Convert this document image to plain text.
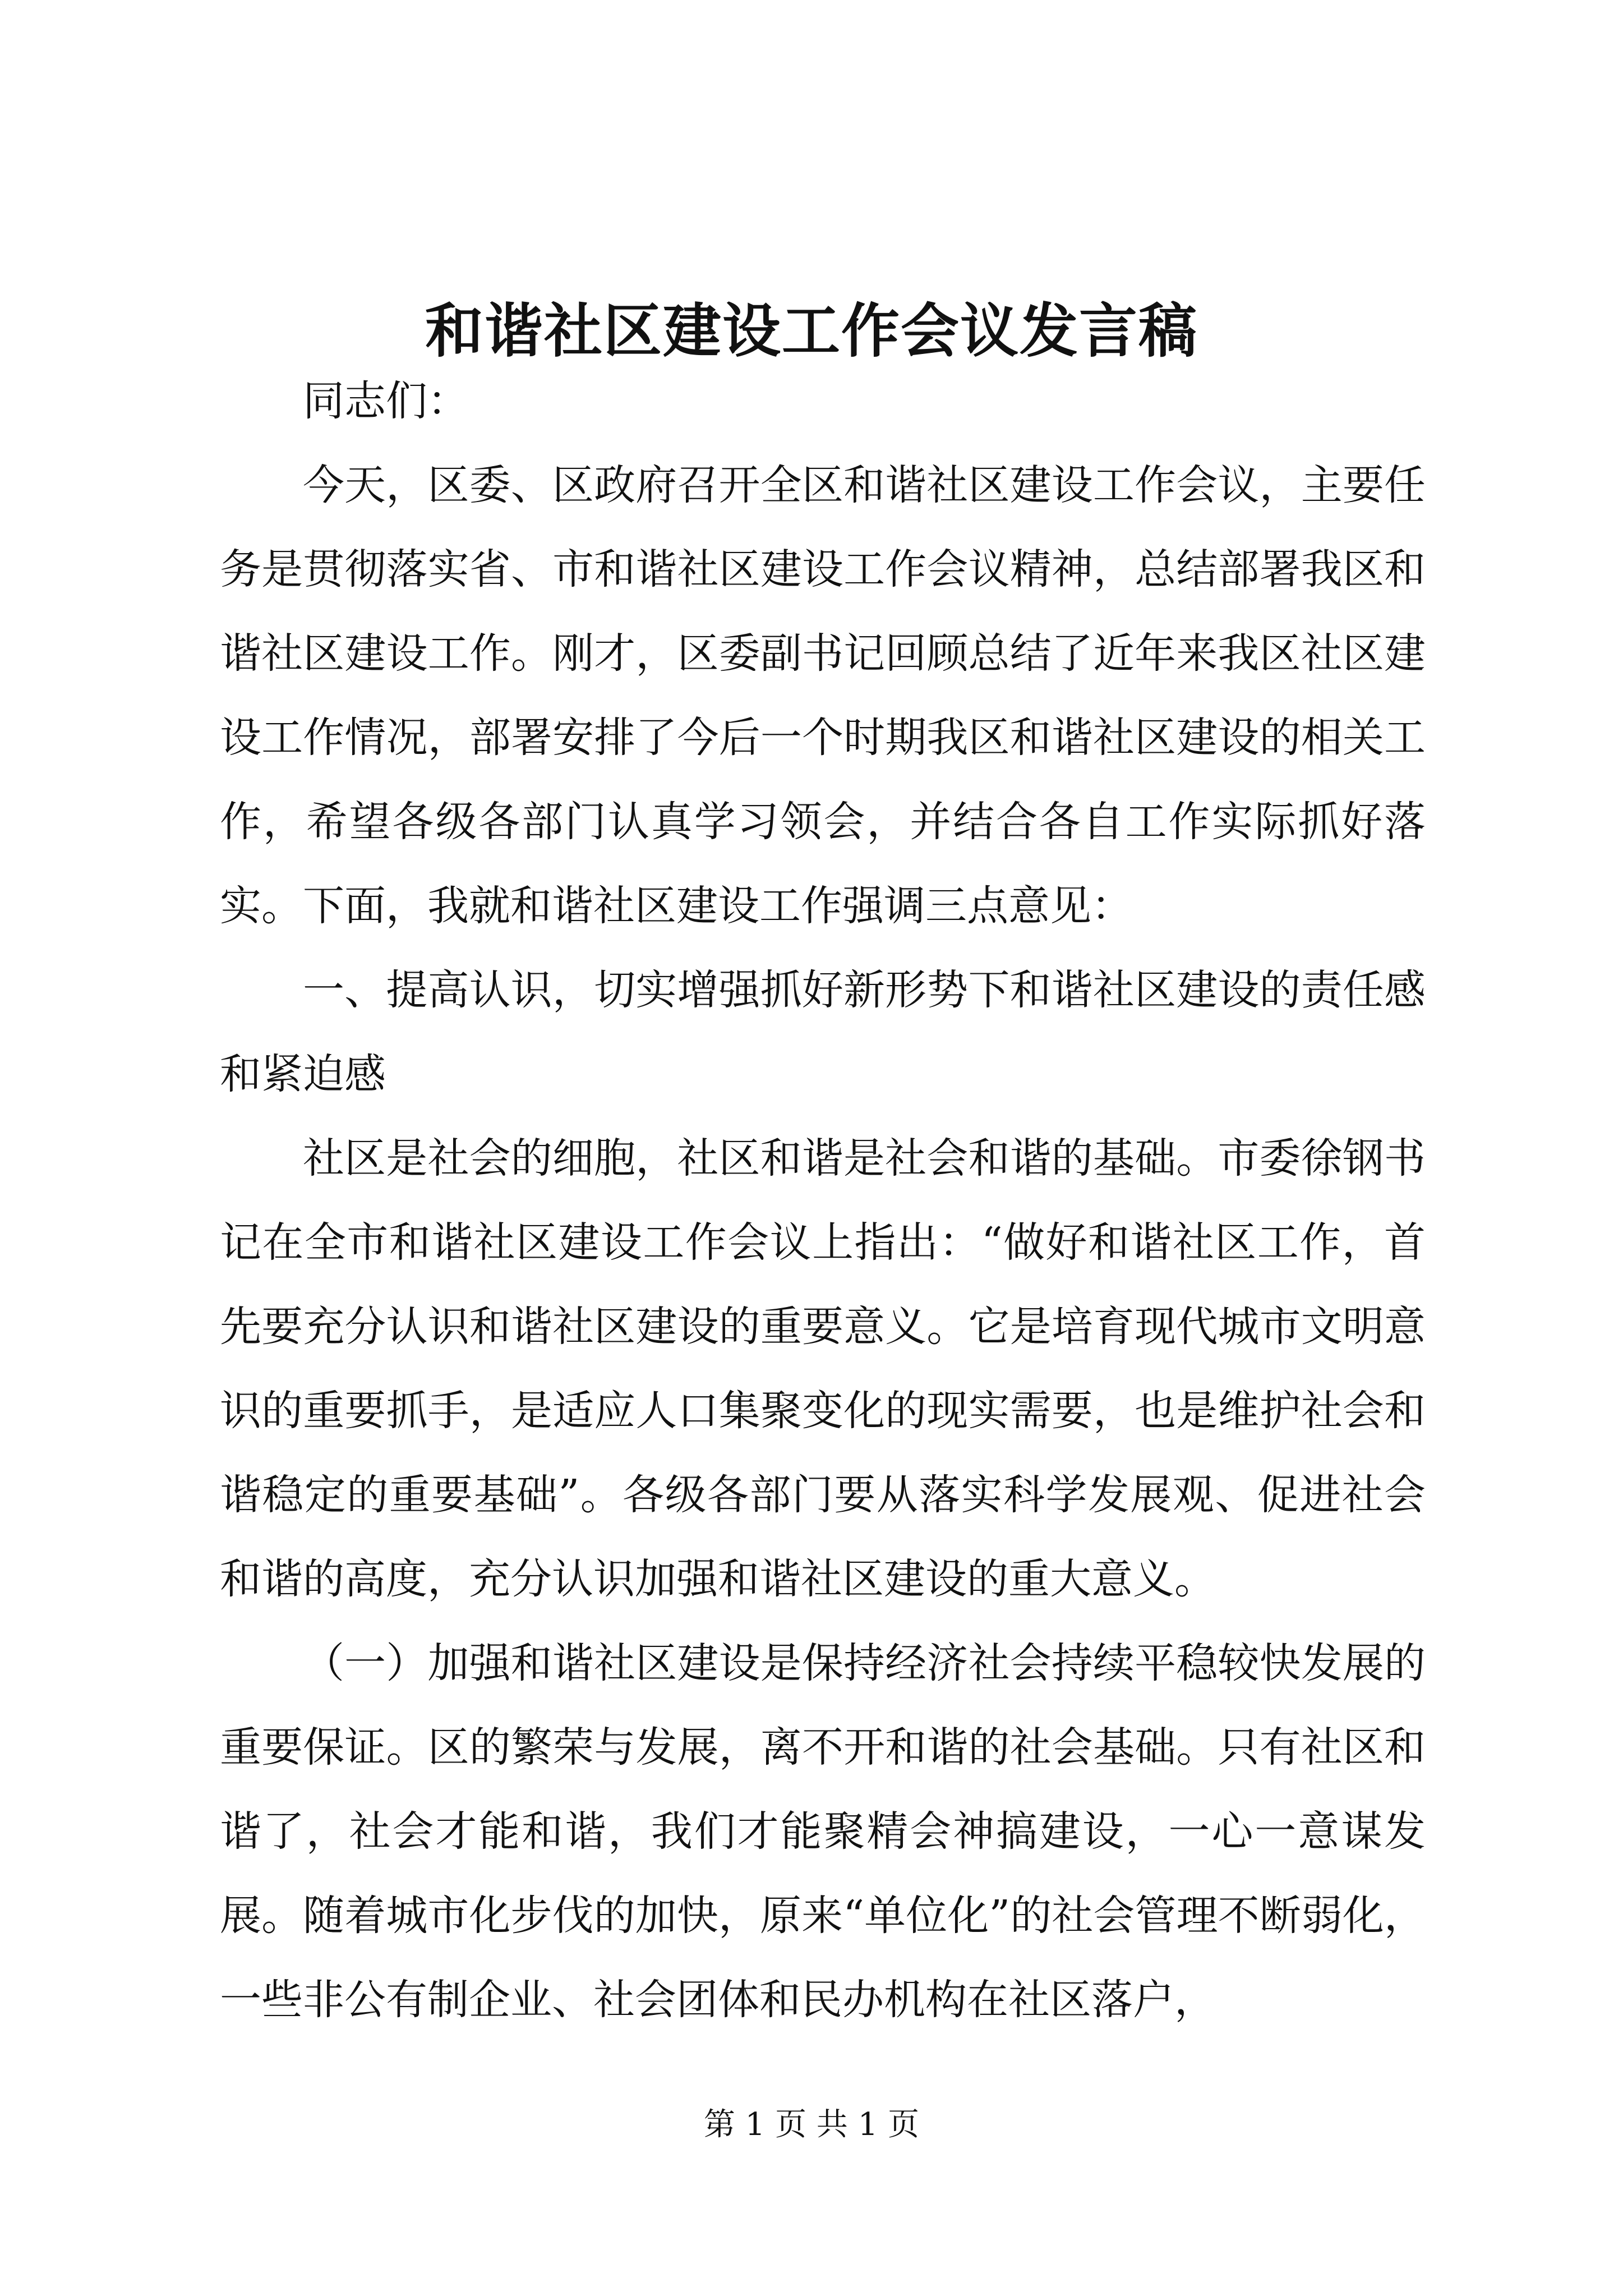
和谐社区建设工作会议发言稿

同志们：

今天，区委、区政府召开全区和谐社区建设工作会议，主要任务是贯彻落实省、市和谐社区建设工作会议精神，总结部署我区和谐社区建设工作。刚才，区委副书记回顾总结了近年来我区社区建设工作情况，部署安排了今后一个时期我区和谐社区建设的相关工作，希望各级各部门认真学习领会，并结合各自工作实际抓好落实。下面，我就和谐社区建设工作强调三点意见：

一、提高认识，切实增强抓好新形势下和谐社区建设的责任感和紧迫感

社区是社会的细胞，社区和谐是社会和谐的基础。市委徐钢书记在全市和谐社区建设工作会议上指出：“做好和谐社区工作，首先要充分认识和谐社区建设的重要意义。它是培育现代城市文明意识的重要抓手，是适应人口集聚变化的现实需要，也是维护社会和谐稳定的重要基础”。各级各部门要从落实科学发展观、促进社会和谐的高度，充分认识加强和谐社区建设的重大意义。

（一）加强和谐社区建设是保持经济社会持续平稳较快发展的重要保证。区的繁荣与发展，离不开和谐的社会基础。只有社区和谐了，社会才能和谐，我们才能聚精会神搞建设，一心一意谋发展。随着城市化步伐的加快，原来“单位化”的社会管理不断弱化，一些非公有制企业、社会团体和民办机构在社区落户，

第 1 页 共 1 页
